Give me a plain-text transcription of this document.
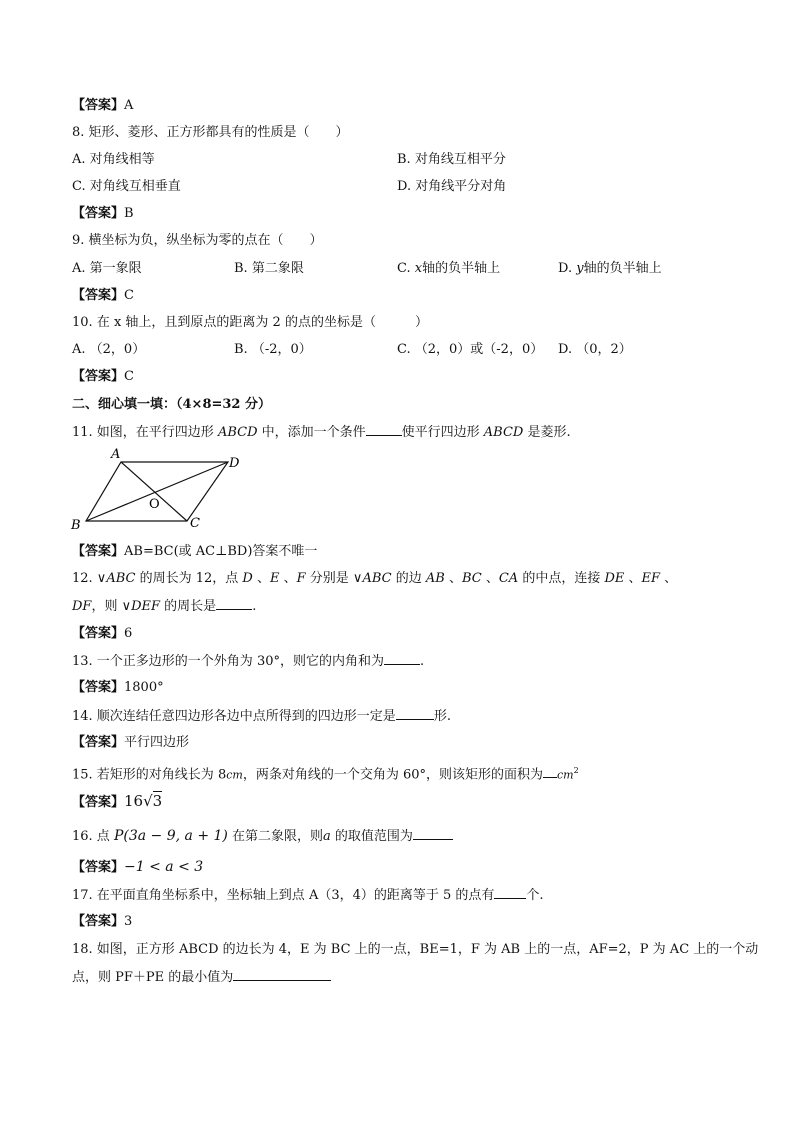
【答案】A
8. 矩形、菱形、正方形都具有的性质是（　　）
A. 对角线相等	B. 对角线互相平分
C. 对角线互相垂直	D. 对角线平分对角
【答案】B
9. 横坐标为负，纵坐标为零的点在（　　）
A. 第一象限	B. 第二象限	C. x轴的负半轴上	D. y轴的负半轴上
【答案】C
10. 在 x 轴上，且到原点的距离为 2 的点的坐标是（　　　）
A. （2，0）	B. （-2，0）	C. （2，0）或（-2，0） D. （0，2）
【答案】C
二、细心填一填：（4×8=32 分）
11. 如图，在平行四边形 ABCD 中，添加一个条件	使平行四边形 ABCD 是菱形.
A
D
B	C
O
【答案】AB=BC(或 AC⊥BD)答案不唯一
12. ∨ABC 的周长为 12，点 D 、E 、F 分别是 ∨ABC 的边 AB 、BC 、CA 的中点，连接 DE 、EF 、
DF，则 ∨DEF 的周长是	.
【答案】6
13. 一个正多边形的一个外角为 30°，则它的内角和为	.
【答案】1800°
14. 顺次连结任意四边形各边中点所得到的四边形一定是	形.
【答案】平行四边形
15. 若矩形的对角线长为 8cm，两条对角线的一个交角为 60°，则该矩形的面积为 $cm^2$
【答案】16√3
16. 点 P(3a − 9, a + 1) 在第二象限，则a 的取值范围为
【答案】−1 < a < 3
17. 在平面直角坐标系中，坐标轴上到点 A（3，4）的距离等于 5 的点有 个.
【答案】3
18. 如图，正方形 ABCD 的边长为 4，E 为 BC 上的一点，BE=1，F 为 AB 上的一点，AF=2，P 为 AC 上的一个动
点，则 PF＋PE 的最小值为
